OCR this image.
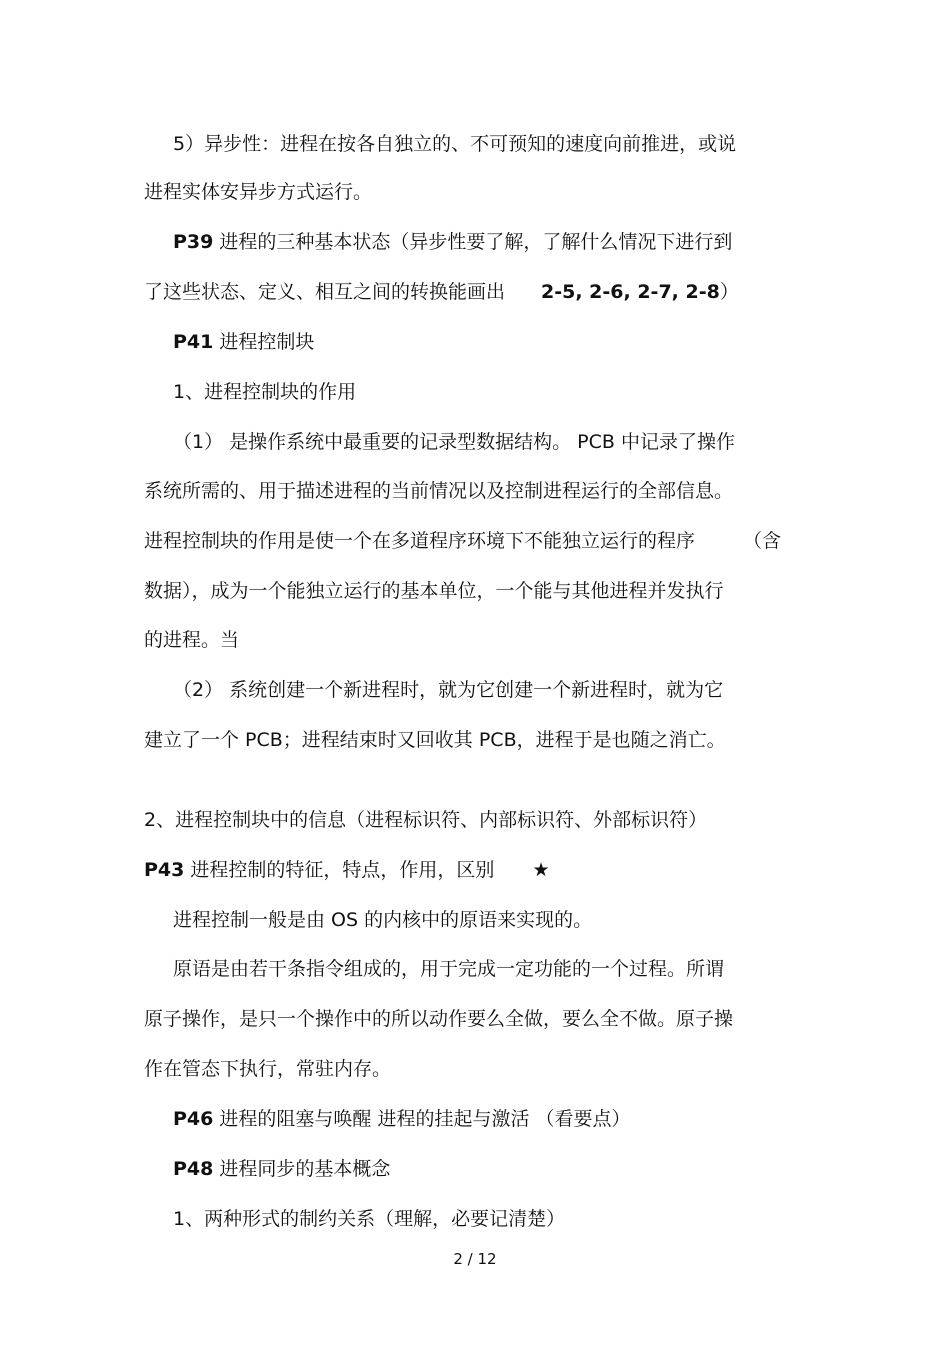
5）异步性：进程在按各自独立的、不可预知的速度向前推进，或说
进程实体安异步方式运行。
P39 进程的三种基本状态（异步性要了解，了解什么情况下进行到
了这些状态、定义、相互之间的转换能画出 2-5, 2-6, 2-7, 2-8）
P41 进程控制块
1、进程控制块的作用
（1） 是操作系统中最重要的记录型数据结构。 PCB 中记录了操作
系统所需的、用于描述进程的当前情况以及控制进程运行的全部信息。
进程控制块的作用是使一个在多道程序环境下不能独立运行的程序	（含
数据），成为一个能独立运行的基本单位，一个能与其他进程并发执行
的进程。当
（2） 系统创建一个新进程时，就为它创建一个新进程时，就为它
建立了一个 PCB；进程结束时又回收其 PCB，进程于是也随之消亡。
2、进程控制块中的信息（进程标识符、内部标识符、外部标识符）
P43 进程控制的特征，特点，作用，区别 ★
进程控制一般是由 OS 的内核中的原语来实现的。
原语是由若干条指令组成的，用于完成一定功能的一个过程。所谓
原子操作，是只一个操作中的所以动作要么全做，要么全不做。原子操
作在管态下执行，常驻内存。
P46 进程的阻塞与唤醒 进程的挂起与激活 （看要点）
P48 进程同步的基本概念
1、两种形式的制约关系（理解，必要记清楚）
2 / 12
